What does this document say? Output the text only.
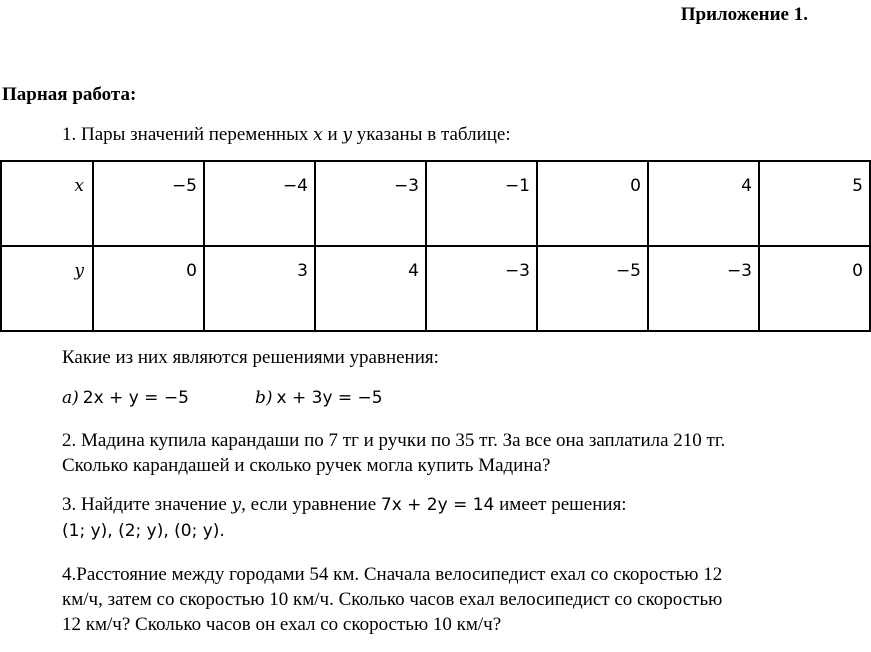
Приложение 1.
Парная работа:
1. Пары значений переменных x и y указаны в таблице:
x	−5	−4	−3	−1	0	4	5
y	0	3	4	−3	−5	−3	0
Какие из них являются решениями уравнения:
a) 2x + y = −5	b) x + 3y = −5
2. Мадина купила карандаши по 7 тг и ручки по 35 тг. За все она заплатила 210 тг.
Сколько карандашей и сколько ручек могла купить Мадина?
3. Найдите значение y, если уравнение 7x + 2y = 14 имеет решения:
(1; y), (2; y), (0; y).
4.Расстояние между городами 54 км. Сначала велосипедист ехал со скоростью 12
км/ч, затем со скоростью 10 км/ч. Сколько часов ехал велосипедист со скоростью
12 км/ч? Сколько часов он ехал со скоростью 10 км/ч?
